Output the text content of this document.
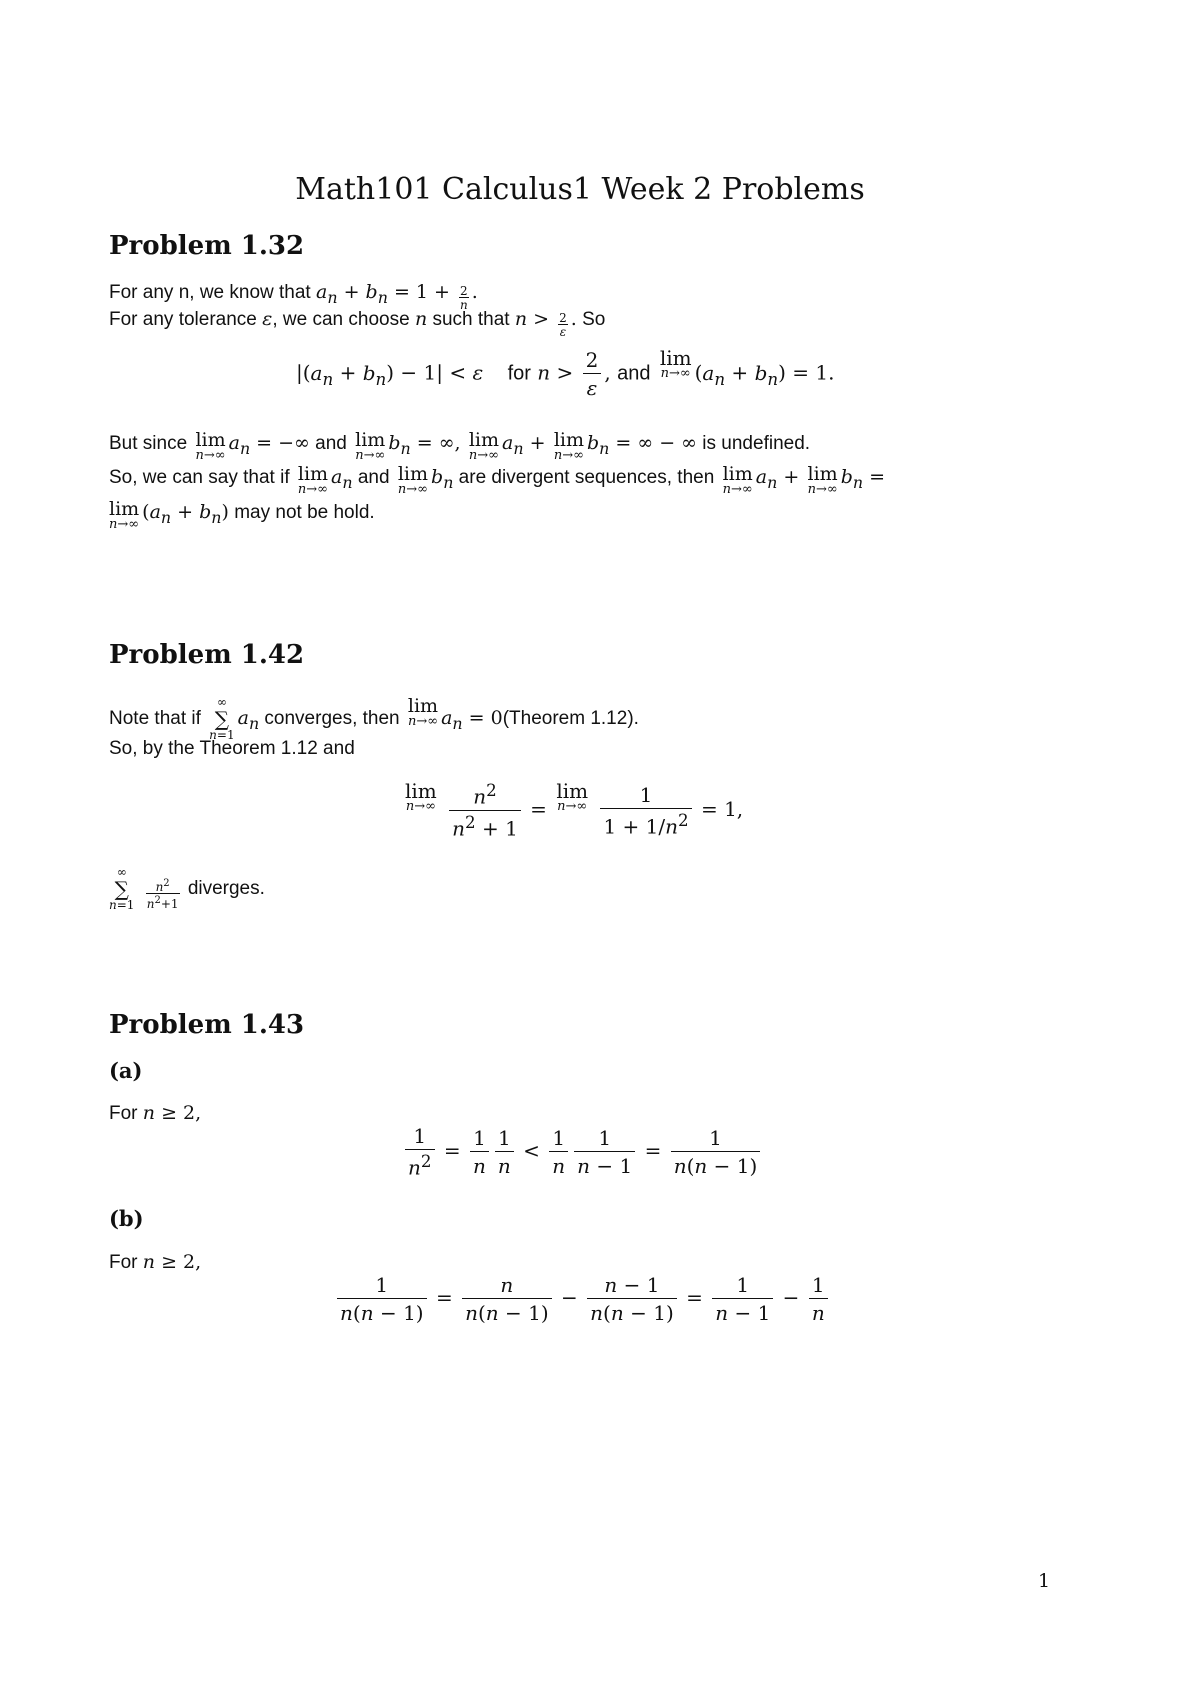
Math101 Calculus1 Week 2 Problems
Problem 1.32
For any n, we know that $a_n + b_n = 1 + \frac{2}{n}$ .
For any tolerance ε, we can choose n such that $n > \frac{2}{\varepsilon}$ . So
$|(a_n + b_n) - 1| < \varepsilon$ for $n > \frac{2}{\varepsilon}$ , and
lim
n→∞ $(a_n + b_n) = 1$.
But since lim
n→∞
$a_n$ = −∞ and lim
n→∞
$b_n$ = ∞, lim
n→∞
$a_n + \lim$
n→∞
$b_n$ = ∞ − ∞ is undefined.
So, we can say that if lim
n→∞
$a_n$ and lim
n→∞
$b_n$ are divergent sequences, then lim
n→∞
$a_n + \lim$
n→∞
$b_n$ =
lim
n→∞
$(a_n + b_n)$ may not be hold.
Problem 1.42
Note that if
∞
∑
n=1
$a_n$ converges, then
lim
n→∞ $a_n$ = 0(Theorem 1.12).
So, by the Theorem 1.12 and
lim
n→∞
$\frac{n^2}{n^2 + 1}$ =
lim
n→∞
$\frac{1}{1 + 1/n^2} = 1$,
∞
∑
n=1
$\frac{n^2}{n^2+1}$ diverges.
Problem 1.43
(a)
For n ≥ 2,
$\frac{1}{n^2} = \frac{1}{n} \frac{1}{n} < \frac{1}{n} \frac{1}{n - 1} = \frac{1}{n(n - 1)}$
(b)
For n ≥ 2,
$\frac{1}{n(n - 1)} = \frac{n}{n(n - 1)} - \frac{n - 1}{n(n - 1)} = \frac{1}{n - 1} - \frac{1}{n}$
1
